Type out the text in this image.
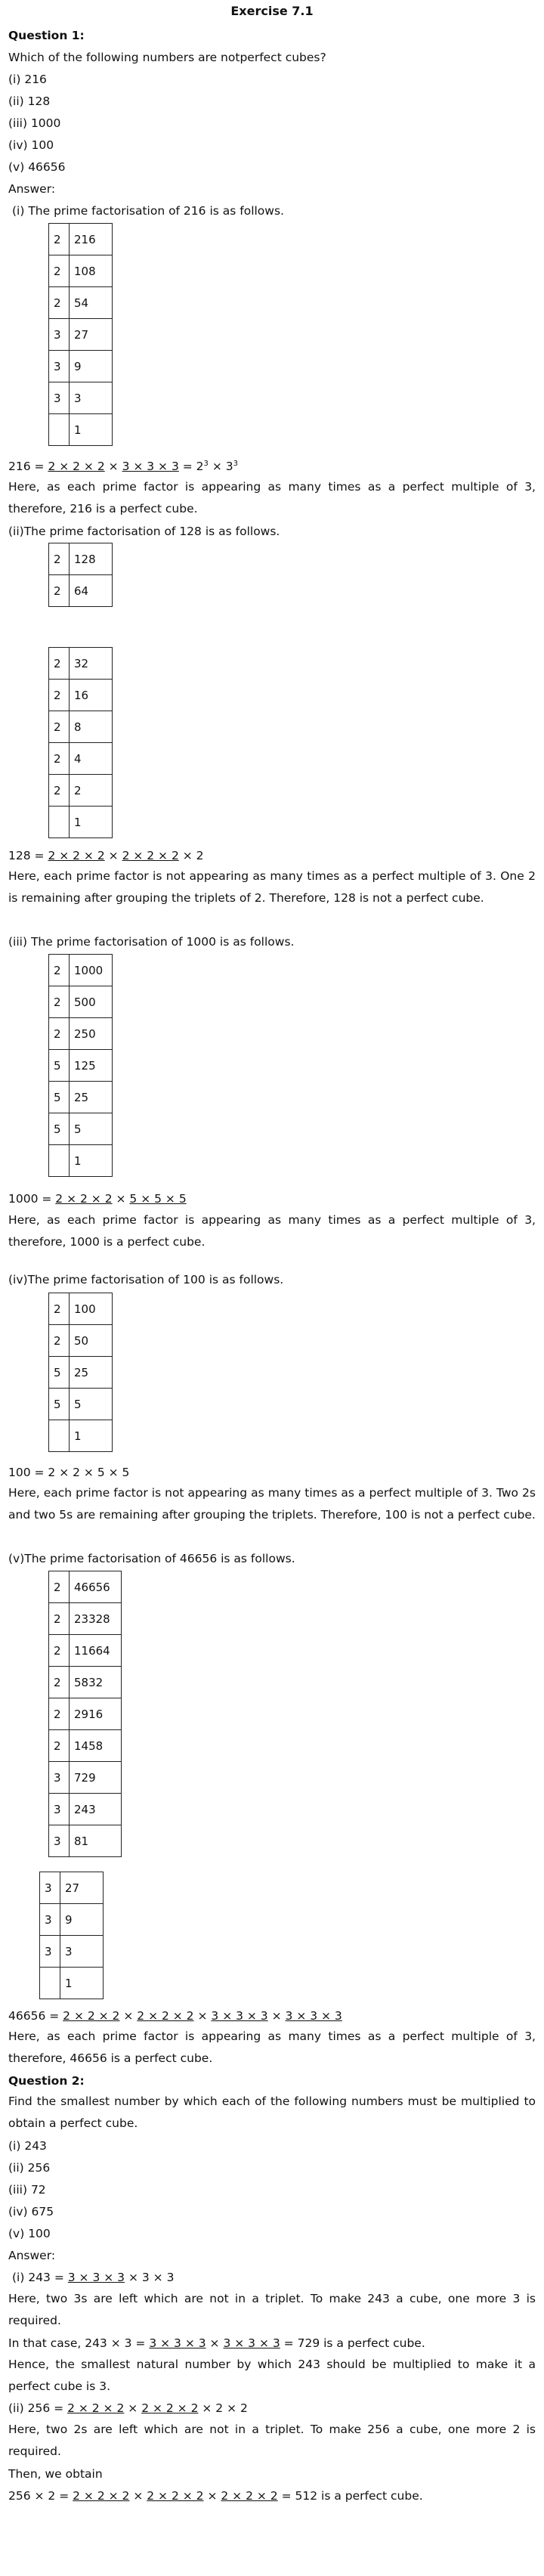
Exercise 7.1
Question 1:
Which of the following numbers are notperfect cubes?
(i) 216
(ii) 128
(iii) 1000
(iv) 100
(v) 46656
Answer:
(i) The prime factorisation of 216 is as follows.
2	216
2	108
2	54
3	27
3	9
3	3
	1
$216 = 2 \times 2 \times 2 \times 3 \times 3 \times 3 = 2^3 \times 3^3$
Here, as each prime factor is appearing as many times as a perfect multiple of 3, therefore, 216 is a perfect cube.
(ii)The prime factorisation of 128 is as follows.
2	128
2	64
2	32
2	16
2	8
2	4
2	2
	1
128 = 2 × 2 × 2 × 2 × 2 × 2 × 2
Here, each prime factor is not appearing as many times as a perfect multiple of 3. One 2 is remaining after grouping the triplets of 2. Therefore, 128 is not a perfect cube.
(iii) The prime factorisation of 1000 is as follows.
2	1000
2	500
2	250
5	125
5	25
5	5
	1
1000 = 2 × 2 × 2 × 5 × 5 × 5
Here, as each prime factor is appearing as many times as a perfect multiple of 3, therefore, 1000 is a perfect cube.
(iv)The prime factorisation of 100 is as follows.
2	100
2	50
5	25
5	5
	1
100 = 2 × 2 × 5 × 5
Here, each prime factor is not appearing as many times as a perfect multiple of 3. Two 2s and two 5s are remaining after grouping the triplets. Therefore, 100 is not a perfect cube.
(v)The prime factorisation of 46656 is as follows.
2	46656
2	23328
2	11664
2	5832
2	2916
2	1458
3	729
3	243
3	81
3	27
3	9
3	3
	1
46656 = 2 × 2 × 2 × 2 × 2 × 2 × 3 × 3 × 3 × 3 × 3 × 3
Here, as each prime factor is appearing as many times as a perfect multiple of 3, therefore, 46656 is a perfect cube.
Question 2:
Find the smallest number by which each of the following numbers must be multiplied to obtain a perfect cube.
(i) 243
(ii) 256
(iii) 72
(iv) 675
(v) 100
Answer:
(i) 243 = 3 × 3 × 3 × 3 × 3
Here, two 3s are left which are not in a triplet. To make 243 a cube, one more 3 is required.
In that case, 243 × 3 = 3 × 3 × 3 × 3 × 3 × 3 = 729 is a perfect cube.
Hence, the smallest natural number by which 243 should be multiplied to make it a perfect cube is 3.
(ii) 256 = 2 × 2 × 2 × 2 × 2 × 2 × 2 × 2
Here, two 2s are left which are not in a triplet. To make 256 a cube, one more 2 is required.
Then, we obtain
256 × 2 = 2 × 2 × 2 × 2 × 2 × 2 × 2 × 2 × 2 = 512 is a perfect cube.
